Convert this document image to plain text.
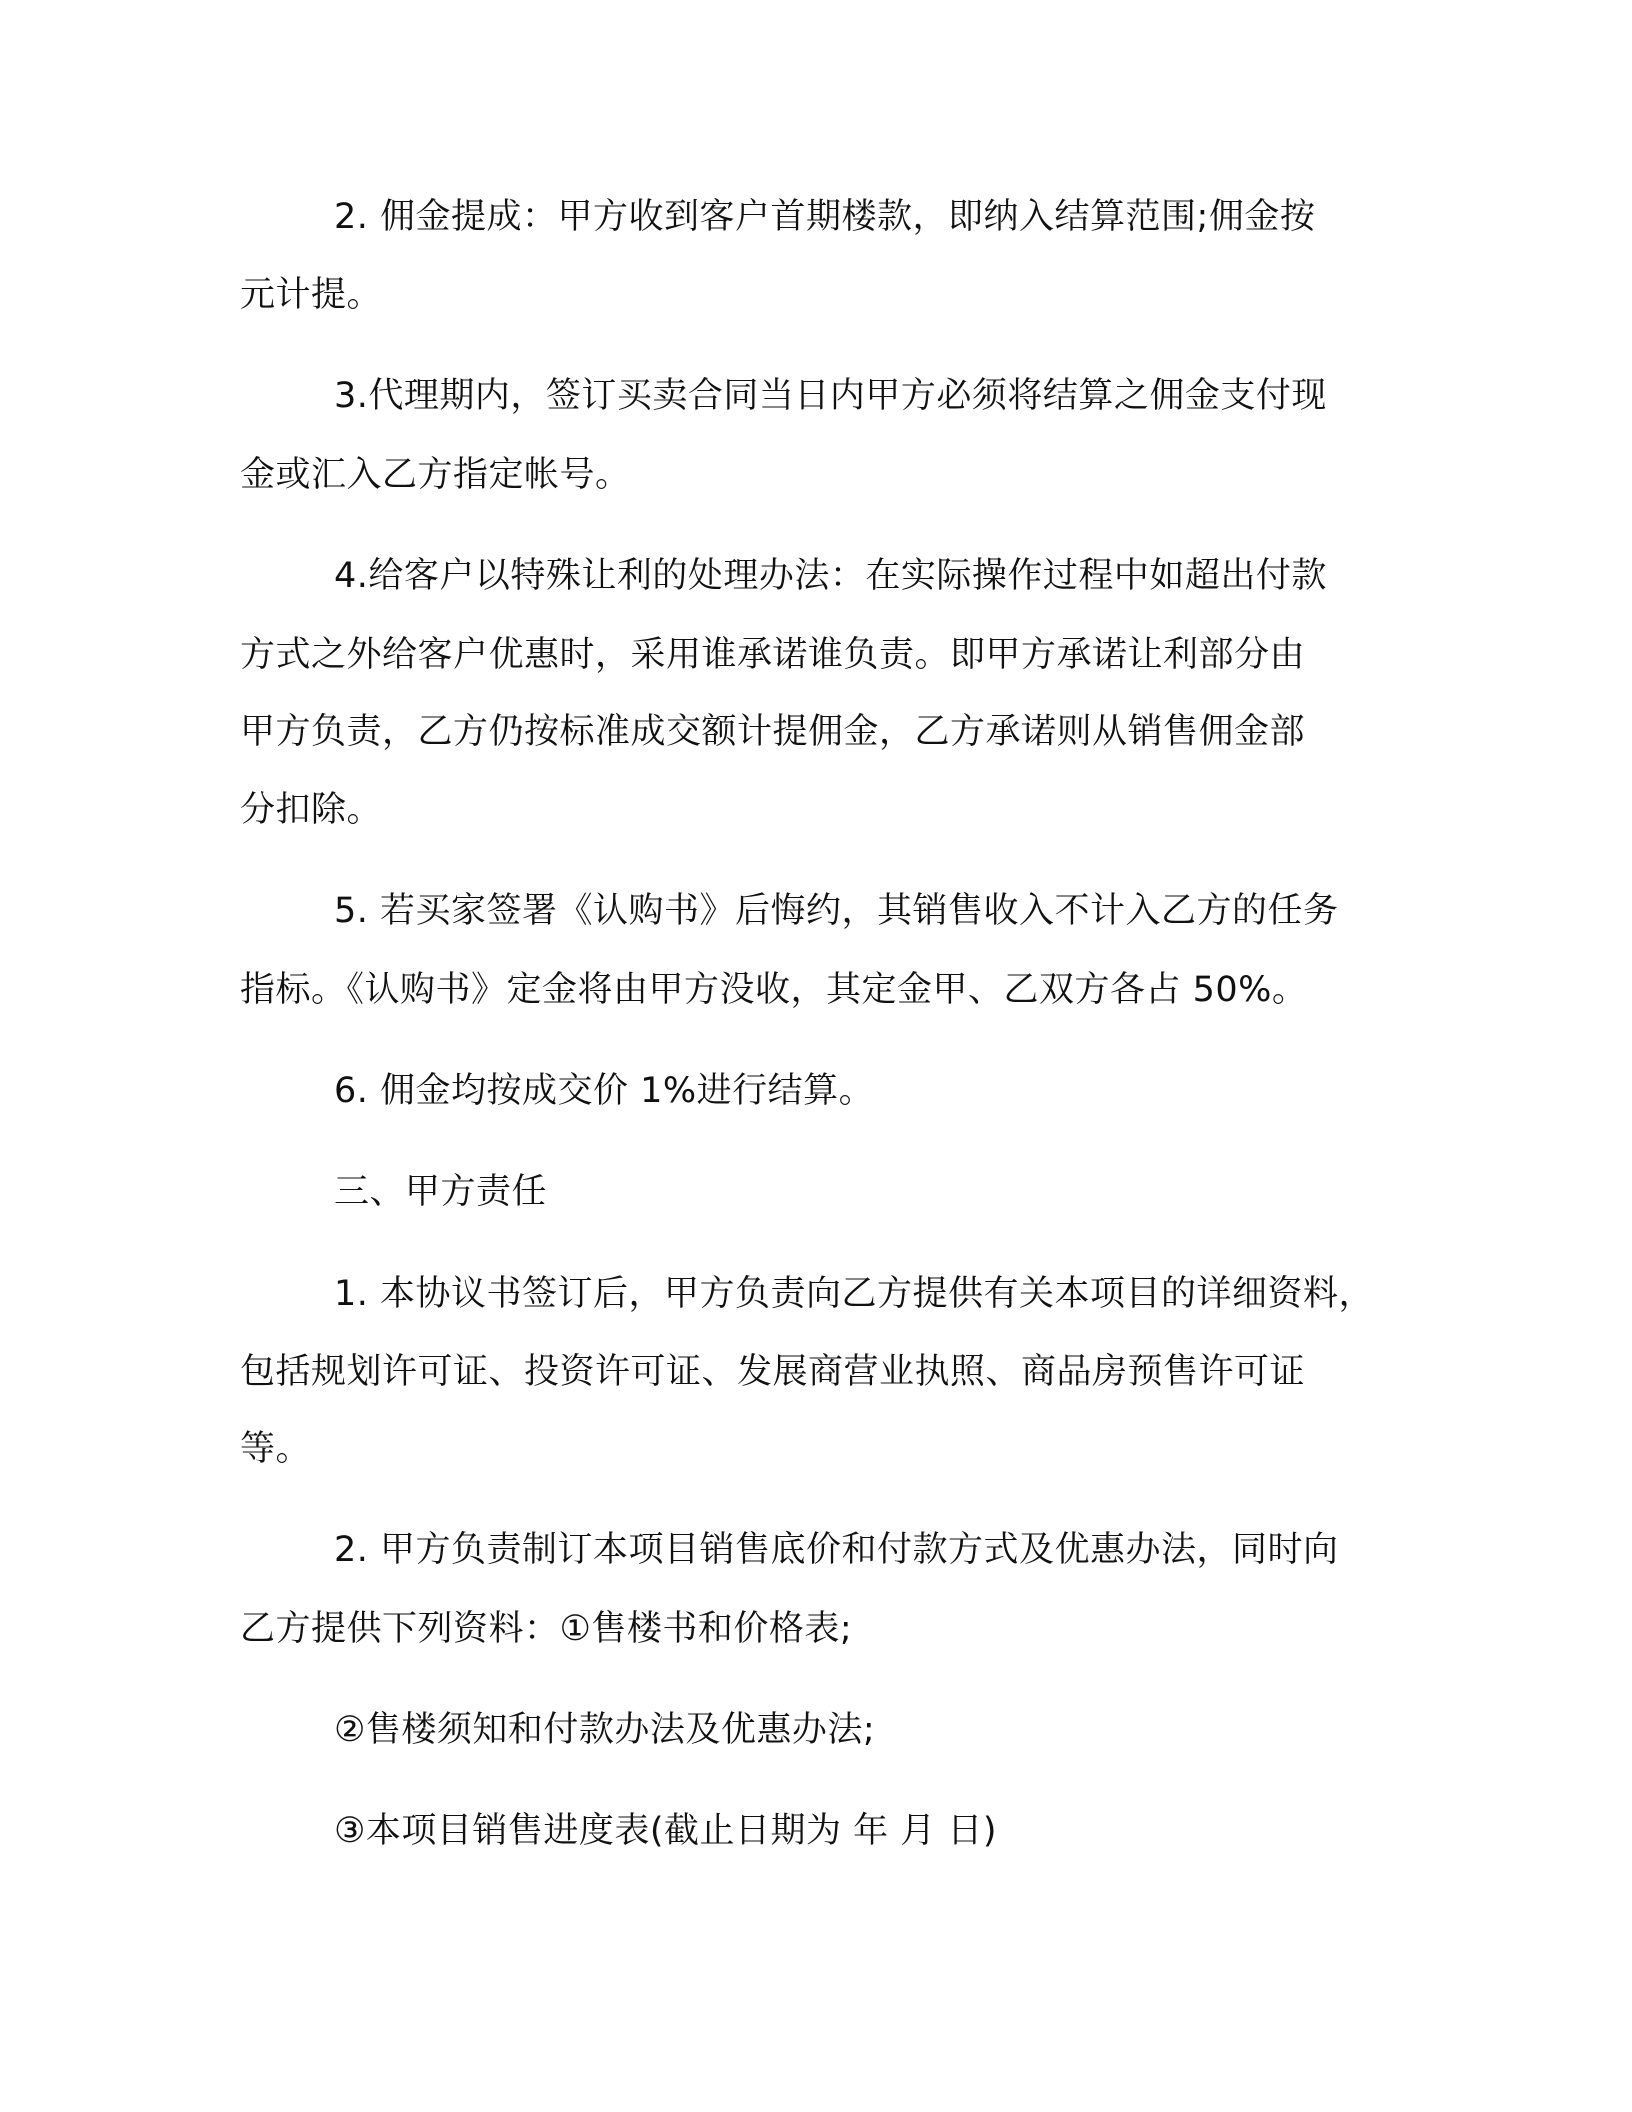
2. 佣金提成：甲方收到客户首期楼款，即纳入结算范围;佣金按
元计提。
3.代理期内，签订买卖合同当日内甲方必须将结算之佣金支付现
金或汇入乙方指定帐号。
4.给客户以特殊让利的处理办法：在实际操作过程中如超出付款
方式之外给客户优惠时，采用谁承诺谁负责。即甲方承诺让利部分由
甲方负责，乙方仍按标准成交额计提佣金，乙方承诺则从销售佣金部
分扣除。
5. 若买家签署《认购书》后悔约，其销售收入不计入乙方的任务
指标。《认购书》定金将由甲方没收，其定金甲、乙双方各占 50%。
6. 佣金均按成交价 1%进行结算。
三、甲方责任
1. 本协议书签订后，甲方负责向乙方提供有关本项目的详细资料，
包括规划许可证、投资许可证、发展商营业执照、商品房预售许可证
等。
2. 甲方负责制订本项目销售底价和付款方式及优惠办法，同时向
乙方提供下列资料：①售楼书和价格表;
②售楼须知和付款办法及优惠办法;
③本项目销售进度表(截止日期为 年 月 日)
